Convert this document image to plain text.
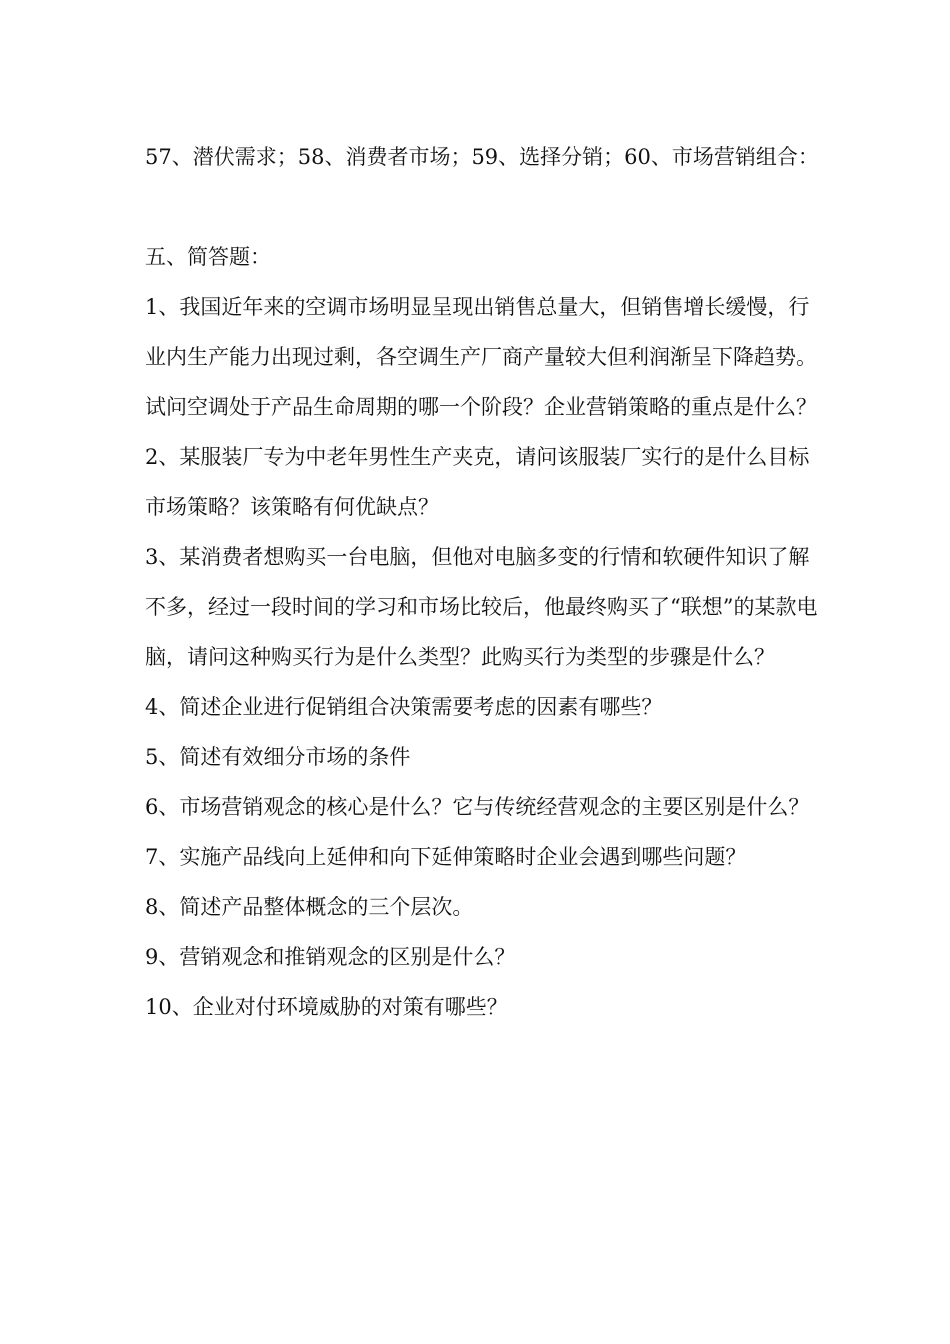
57、潜伏需求；58、消费者市场；59、选择分销；60、市场营销组合：

五、简答题：

1、我国近年来的空调市场明显呈现出销售总量大，但销售增长缓慢，行业内生产能力出现过剩，各空调生产厂商产量较大但利润渐呈下降趋势。试问空调处于产品生命周期的哪一个阶段？企业营销策略的重点是什么？

2、某服装厂专为中老年男性生产夹克，请问该服装厂实行的是什么目标市场策略？该策略有何优缺点？

3、某消费者想购买一台电脑，但他对电脑多变的行情和软硬件知识了解不多，经过一段时间的学习和市场比较后，他最终购买了“联想”的某款电脑，请问这种购买行为是什么类型？此购买行为类型的步骤是什么？

4、简述企业进行促销组合决策需要考虑的因素有哪些？

5、简述有效细分市场的条件

6、市场营销观念的核心是什么？它与传统经营观念的主要区别是什么？

7、实施产品线向上延伸和向下延伸策略时企业会遇到哪些问题？

8、简述产品整体概念的三个层次。

9、营销观念和推销观念的区别是什么？

10、企业对付环境威胁的对策有哪些？
